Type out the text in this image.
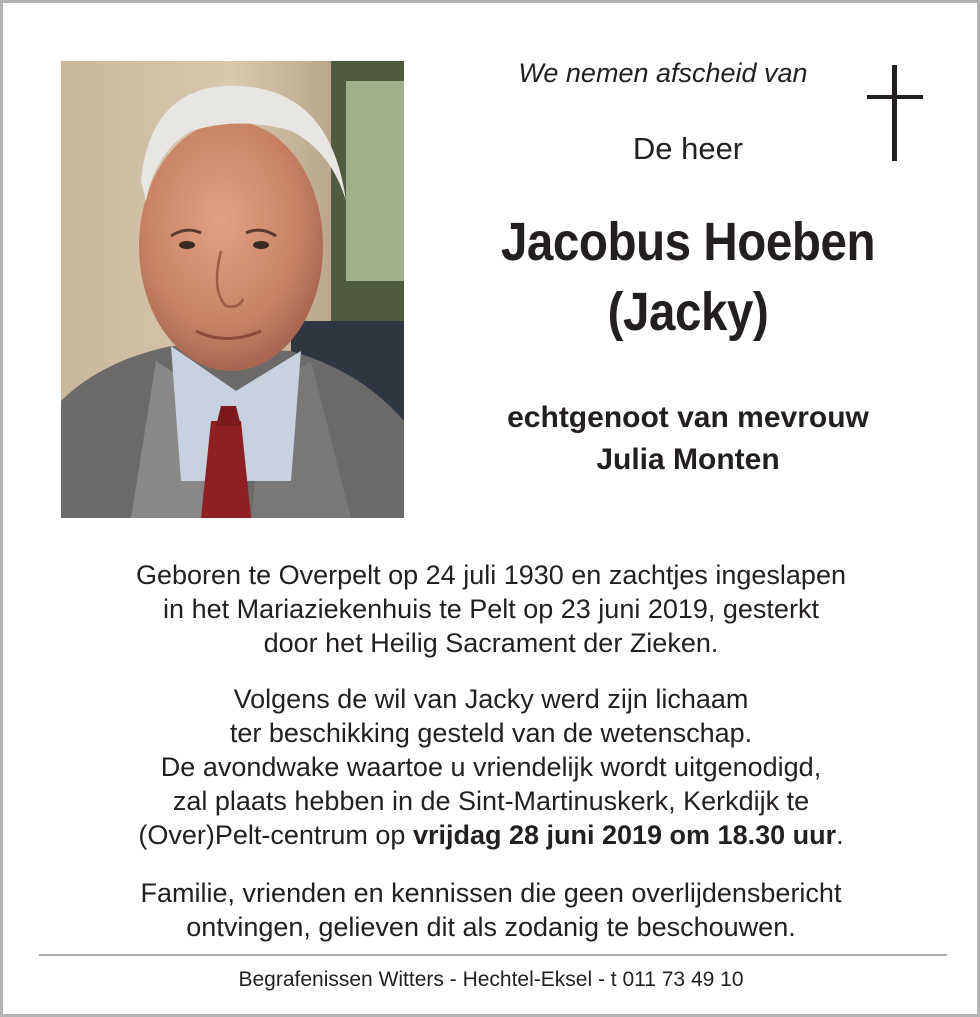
We nemen afscheid van
De heer
Jacobus Hoeben
(Jacky)
echtgenoot van mevrouw
Julia Monten
Geboren te Overpelt op 24 juli 1930 en zachtjes ingeslapen
in het Mariaziekenhuis te Pelt op 23 juni 2019, gesterkt
door het Heilig Sacrament der Zieken.
Volgens de wil van Jacky werd zijn lichaam
ter beschikking gesteld van de wetenschap.
De avondwake waartoe u vriendelijk wordt uitgenodigd,
zal plaats hebben in de Sint-Martinuskerk, Kerkdijk te
(Over)Pelt-centrum op vrijdag 28 juni 2019 om 18.30 uur.
Familie, vrienden en kennissen die geen overlijdensbericht
ontvingen, gelieven dit als zodanig te beschouwen.
Begrafenissen Witters - Hechtel-Eksel - t 011 73 49 10
